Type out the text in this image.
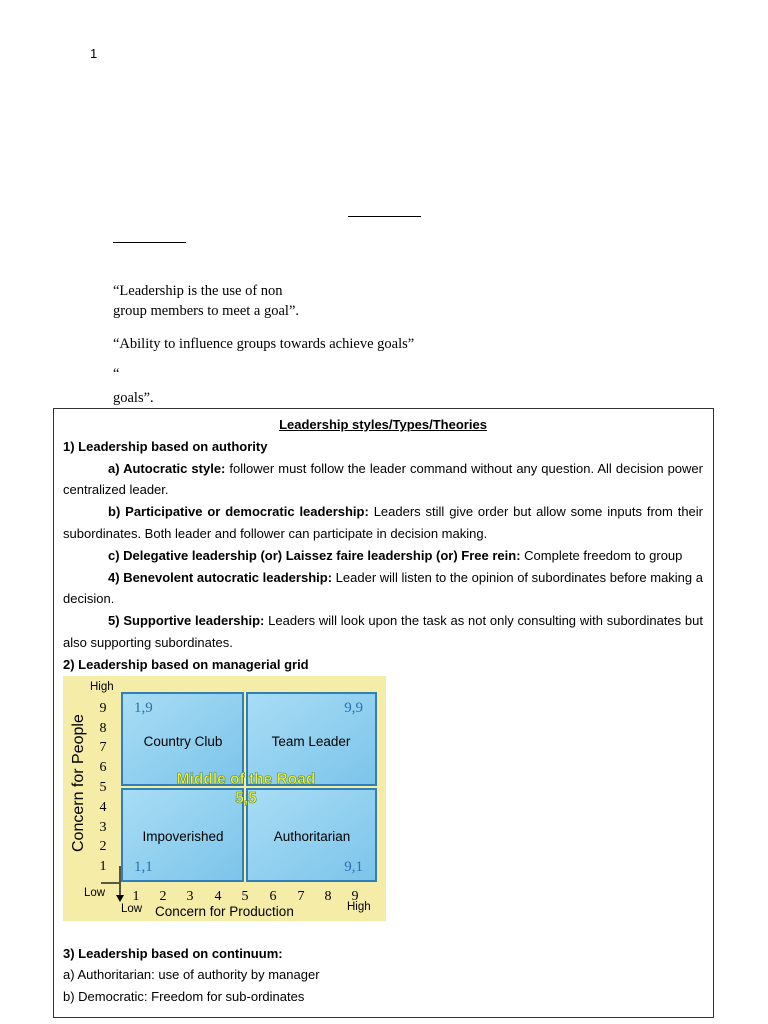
1
“Leadership is the use of non
group members to meet a goal”.
“Ability to influence groups towards achieve goals”
“
goals”.

Leadership styles/Types/Theories

1) Leadership based on authority

a) Autocratic style: follower must follow the leader command without any question. All decision power centralized leader.

b) Participative or democratic leadership: Leaders still give order but allow some inputs from their subordinates. Both leader and follower can participate in decision making.

c) Delegative leadership (or) Laissez faire leadership (or) Free rein: Complete freedom to group

4) Benevolent autocratic leadership: Leader will listen to the opinion of subordinates before making a decision.

5) Supportive leadership: Leaders will look upon the task as not only consulting with subordinates but also supporting subordinates.

2) Leadership based on managerial grid

3) Leadership based on continuum:

a) Authoritarian: use of authority by manager

b) Democratic: Freedom for sub-ordinates

High
Concern for People
9
8
7
6
5
4
3
2
1
1 2 3 4 5 6 7 8 9
Low
Low Concern for Production	High
1,9
Country Club
9,9
Team Leader
Impoverished
1,1
Authoritarian
9,1
Middle of the Road
5,5
